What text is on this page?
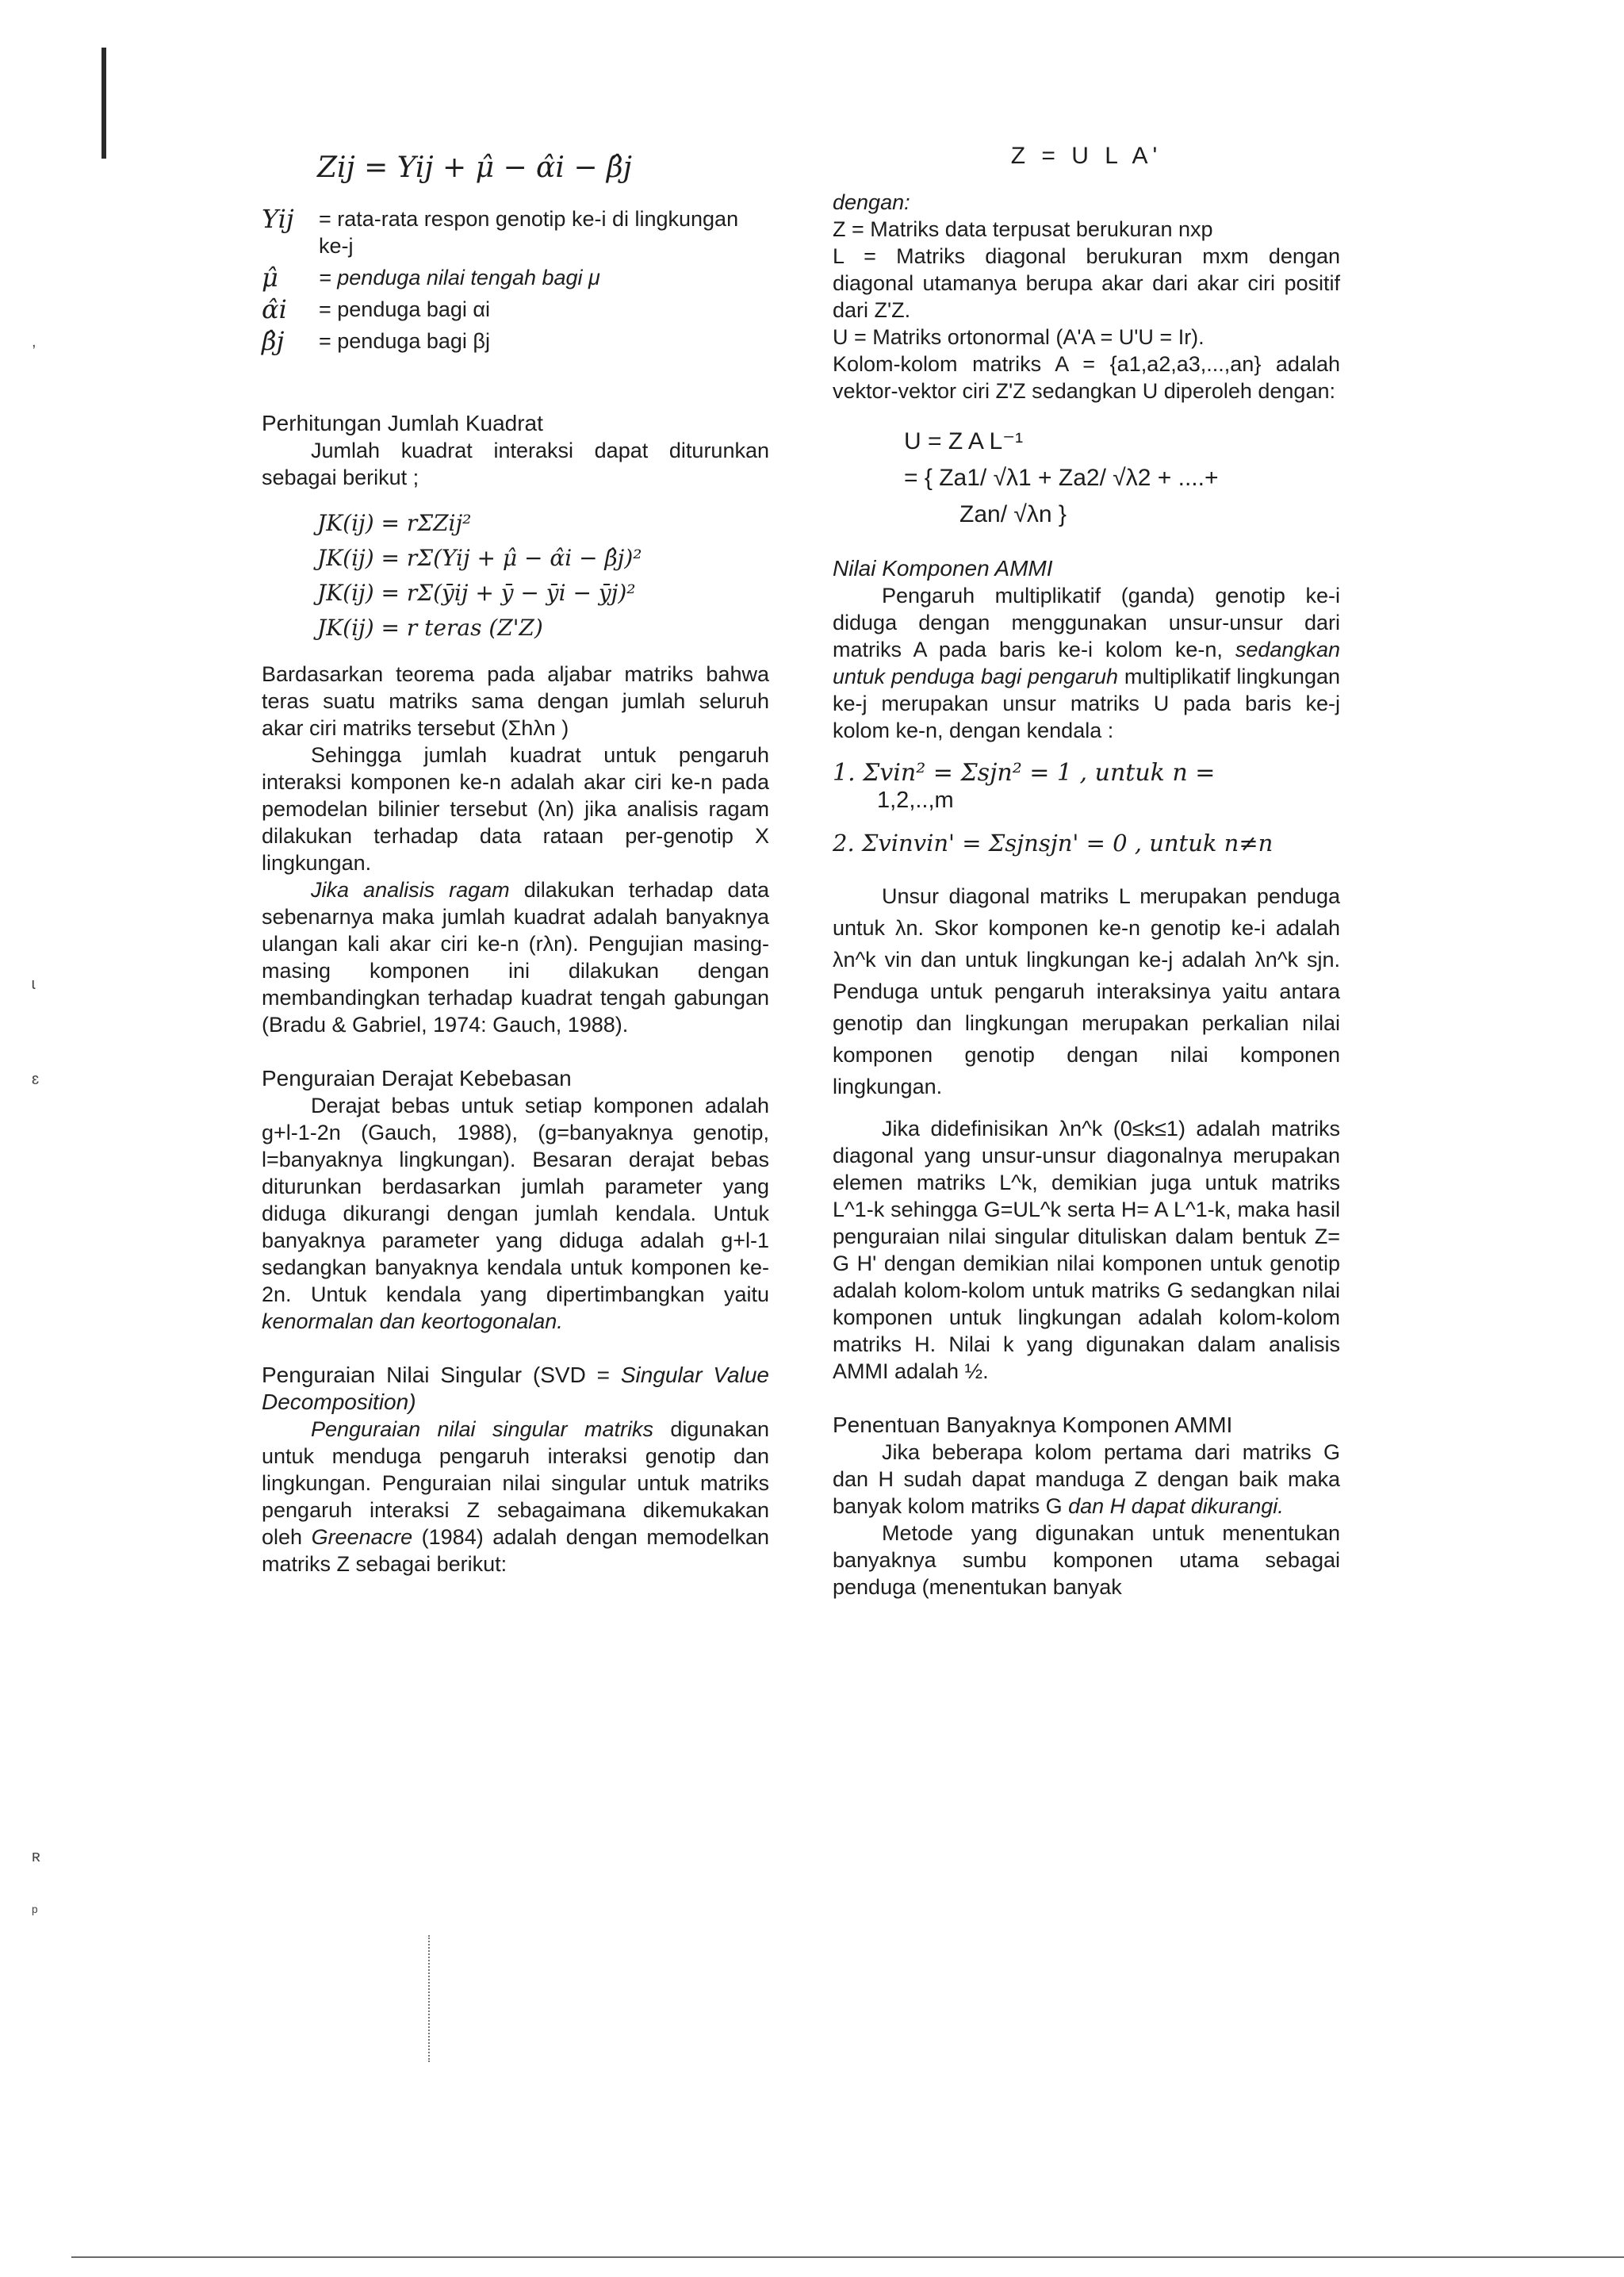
,
ɩ
ɛ
ʀ
ᵖ
Zij = Yij + μ̂ − α̂i − β̂j
Yij	= rata-rata respon genotip ke-i di lingkungan ke-j
μ̂	= penduga nilai tengah bagi μ
α̂i	= penduga bagi αi
β̂j	= penduga bagi βj

Perhitungan Jumlah Kuadrat

Jumlah kuadrat interaksi dapat diturunkan sebagai berikut ;

JK(ij) = rΣZij²
JK(ij) = rΣ(Yij + μ̂ − α̂i − β̂j)²
JK(ij) = rΣ(ȳij + ȳ − ȳi − ȳj)²
JK(ij) = r teras (Z'Z)

Bardasarkan teorema pada aljabar matriks bahwa teras suatu matriks sama dengan jumlah seluruh akar ciri matriks tersebut (Σhλn )

Sehingga jumlah kuadrat untuk pengaruh interaksi komponen ke-n adalah akar ciri ke-n pada pemodelan bilinier tersebut (λn) jika analisis ragam dilakukan terhadap data rataan per-genotip X lingkungan.

Jika analisis ragam dilakukan terhadap data sebenarnya maka jumlah kuadrat adalah banyaknya ulangan kali akar ciri ke-n (rλn). Pengujian masing-masing komponen ini dilakukan dengan membandingkan terhadap kuadrat tengah gabungan (Bradu & Gabriel, 1974: Gauch, 1988).

Penguraian Derajat Kebebasan

Derajat bebas untuk setiap komponen adalah g+l-1-2n (Gauch, 1988), (g=banyaknya genotip, l=banyaknya lingkungan). Besaran derajat bebas diturunkan berdasarkan jumlah parameter yang diduga dikurangi dengan jumlah kendala. Untuk banyaknya parameter yang diduga adalah g+l-1 sedangkan banyaknya kendala untuk komponen ke-2n. Untuk kendala yang dipertimbangkan yaitu kenormalan dan keortogonalan.

Penguraian Nilai Singular (SVD = Singular Value Decomposition)

Penguraian nilai singular matriks digunakan untuk menduga pengaruh interaksi genotip dan lingkungan. Penguraian nilai singular untuk matriks pengaruh interaksi Z sebagaimana dikemukakan oleh Greenacre (1984) adalah dengan memodelkan matriks Z sebagai berikut:

Z = U L A'

dengan:

Z = Matriks data terpusat berukuran nxp

L = Matriks diagonal berukuran mxm dengan diagonal utamanya berupa akar dari akar ciri positif dari Z'Z.

U = Matriks ortonormal (A'A = U'U = Ir).

Kolom-kolom matriks A = {a1,a2,a3,...,an} adalah vektor-vektor ciri Z'Z sedangkan U diperoleh dengan:

U = Z A L⁻¹
= { Za1/ √λ1 + Za2/ √λ2 + ....+
Zan/ √λn }

Nilai Komponen AMMI

Pengaruh multiplikatif (ganda) genotip ke-i diduga dengan menggunakan unsur-unsur dari matriks A pada baris ke-i kolom ke-n, sedangkan untuk penduga bagi pengaruh multiplikatif lingkungan ke-j merupakan unsur matriks U pada baris ke-j kolom ke-n, dengan kendala :

1. Σvin² = Σsjn² = 1 , untuk n =
1,2,..,m
2. Σvinvin' = Σsjnsjn' = 0 , untuk n≠n

Unsur diagonal matriks L merupakan penduga untuk λn. Skor komponen ke-n genotip ke-i adalah λn^k vin dan untuk lingkungan ke-j adalah λn^k sjn. Penduga untuk pengaruh interaksinya yaitu antara genotip dan lingkungan merupakan perkalian nilai komponen genotip dengan nilai komponen lingkungan.

Jika didefinisikan λn^k (0≤k≤1) adalah matriks diagonal yang unsur-unsur diagonalnya merupakan elemen matriks L^k, demikian juga untuk matriks L^1-k sehingga G=UL^k serta H= A L^1-k, maka hasil penguraian nilai singular dituliskan dalam bentuk Z= G H' dengan demikian nilai komponen untuk genotip adalah kolom-kolom untuk matriks G sedangkan nilai komponen untuk lingkungan adalah kolom-kolom matriks H. Nilai k yang digunakan dalam analisis AMMI adalah ½.

Penentuan Banyaknya Komponen AMMI

Jika beberapa kolom pertama dari matriks G dan H sudah dapat manduga Z dengan baik maka banyak kolom matriks G dan H dapat dikurangi.

Metode yang digunakan untuk menentukan banyaknya sumbu komponen utama sebagai penduga (menentukan banyak
